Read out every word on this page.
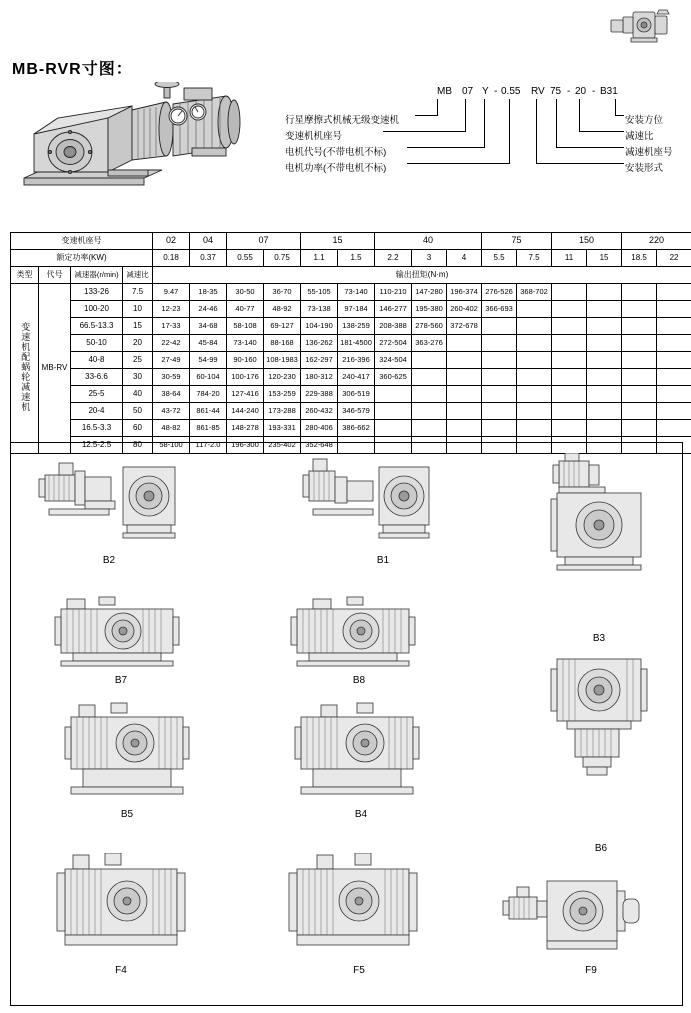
MB-RVR寸图：
MB 07 Y - 0.55 RV 75 - 20 - B31
行星摩擦式机械无级变速机
变速机机座号
电机代号(不带电机不标)
电机功率(不带电机不标)
安装方位
减速比
减速机座号
安装形式
变速机座号				02	04	07		15		40			75		150		220	
额定功率(KW)				0.18	0.37	0.55	0.75	1.1	1.5	2.2	3	4	5.5	7.5	11	15	18.5	22
类型	代号	减速器(r/min)	减速比	输出扭矩(N·m)														
变速机配蜗轮减速机	MB-RV	133-26	7.5	9.47	18-35	30-50	36-70	55-105	73-140	110-210	147-280	196-374	276-526	368-702				
		100-20	10	12-23	24-46	40-77	48-92	73-138	97-184	146-277	195-380	260-402	366-693					
		66.5-13.3	15	17-33	34-68	58-108	69-127	104-190	138-259	208-388	278-560	372-678						
		50-10	20	22-42	45-84	73-140	88-168	136-262	181-4500	272-504	363-276							
		40-8	25	27-49	54-99	90-160	108-1983	162-297	216-396	324-504								
		33-6.6	30	30-59	60-104	100-176	120-230	180-312	240-417	360-625								
		25-5	40	38-64	784-20	127-416	153-259	229-388	306-519									
		20-4	50	43-72	861-44	144-240	173-288	260-432	346-579									
		16.5-3.3	60	48-82	861-85	148-278	193-331	280-406	386-662									
		12.5-2.5	80	58-100	117-2.0	196-300	235-402	352-648										
B2	B1
B3
B7	B8
B5	B4
B6
F4	F5	F9
